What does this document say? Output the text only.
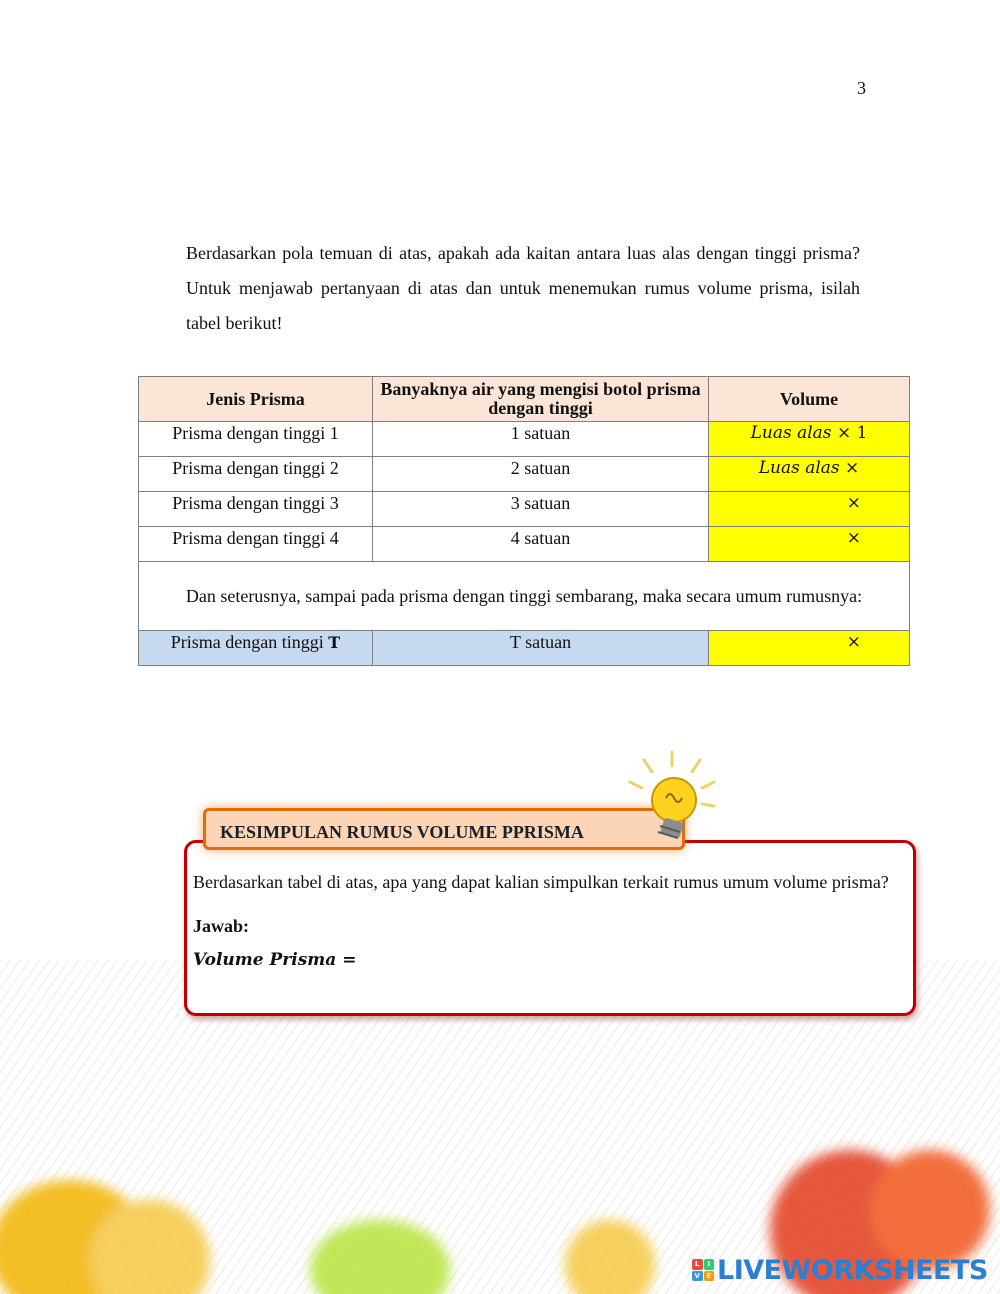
3

Berdasarkan pola temuan di atas, apakah ada kaitan antara luas alas dengan tinggi prisma? Untuk menjawab pertanyaan di atas dan untuk menemukan rumus volume prisma, isilah tabel berikut!

Jenis Prisma	Banyaknya air yang mengisi botol prisma dengan tinggi	Volume
Prisma dengan tinggi 1	1 satuan	Luas alas × 1
Prisma dengan tinggi 2	2 satuan	Luas alas ×
Prisma dengan tinggi 3	3 satuan	×
Prisma dengan tinggi 4	4 satuan	×
Dan seterusnya, sampai pada prisma dengan tinggi sembarang, maka secara umum rumusnya:		
Prisma dengan tinggi T	T satuan	×
KESIMPULAN RUMUS VOLUME PPRISMA
Berdasarkan tabel di atas, apa yang dapat kalian simpulkan terkait rumus umum volume prisma?
Jawab:
Volume Prisma =
L	I
V E LIVEWORKSHEETS
